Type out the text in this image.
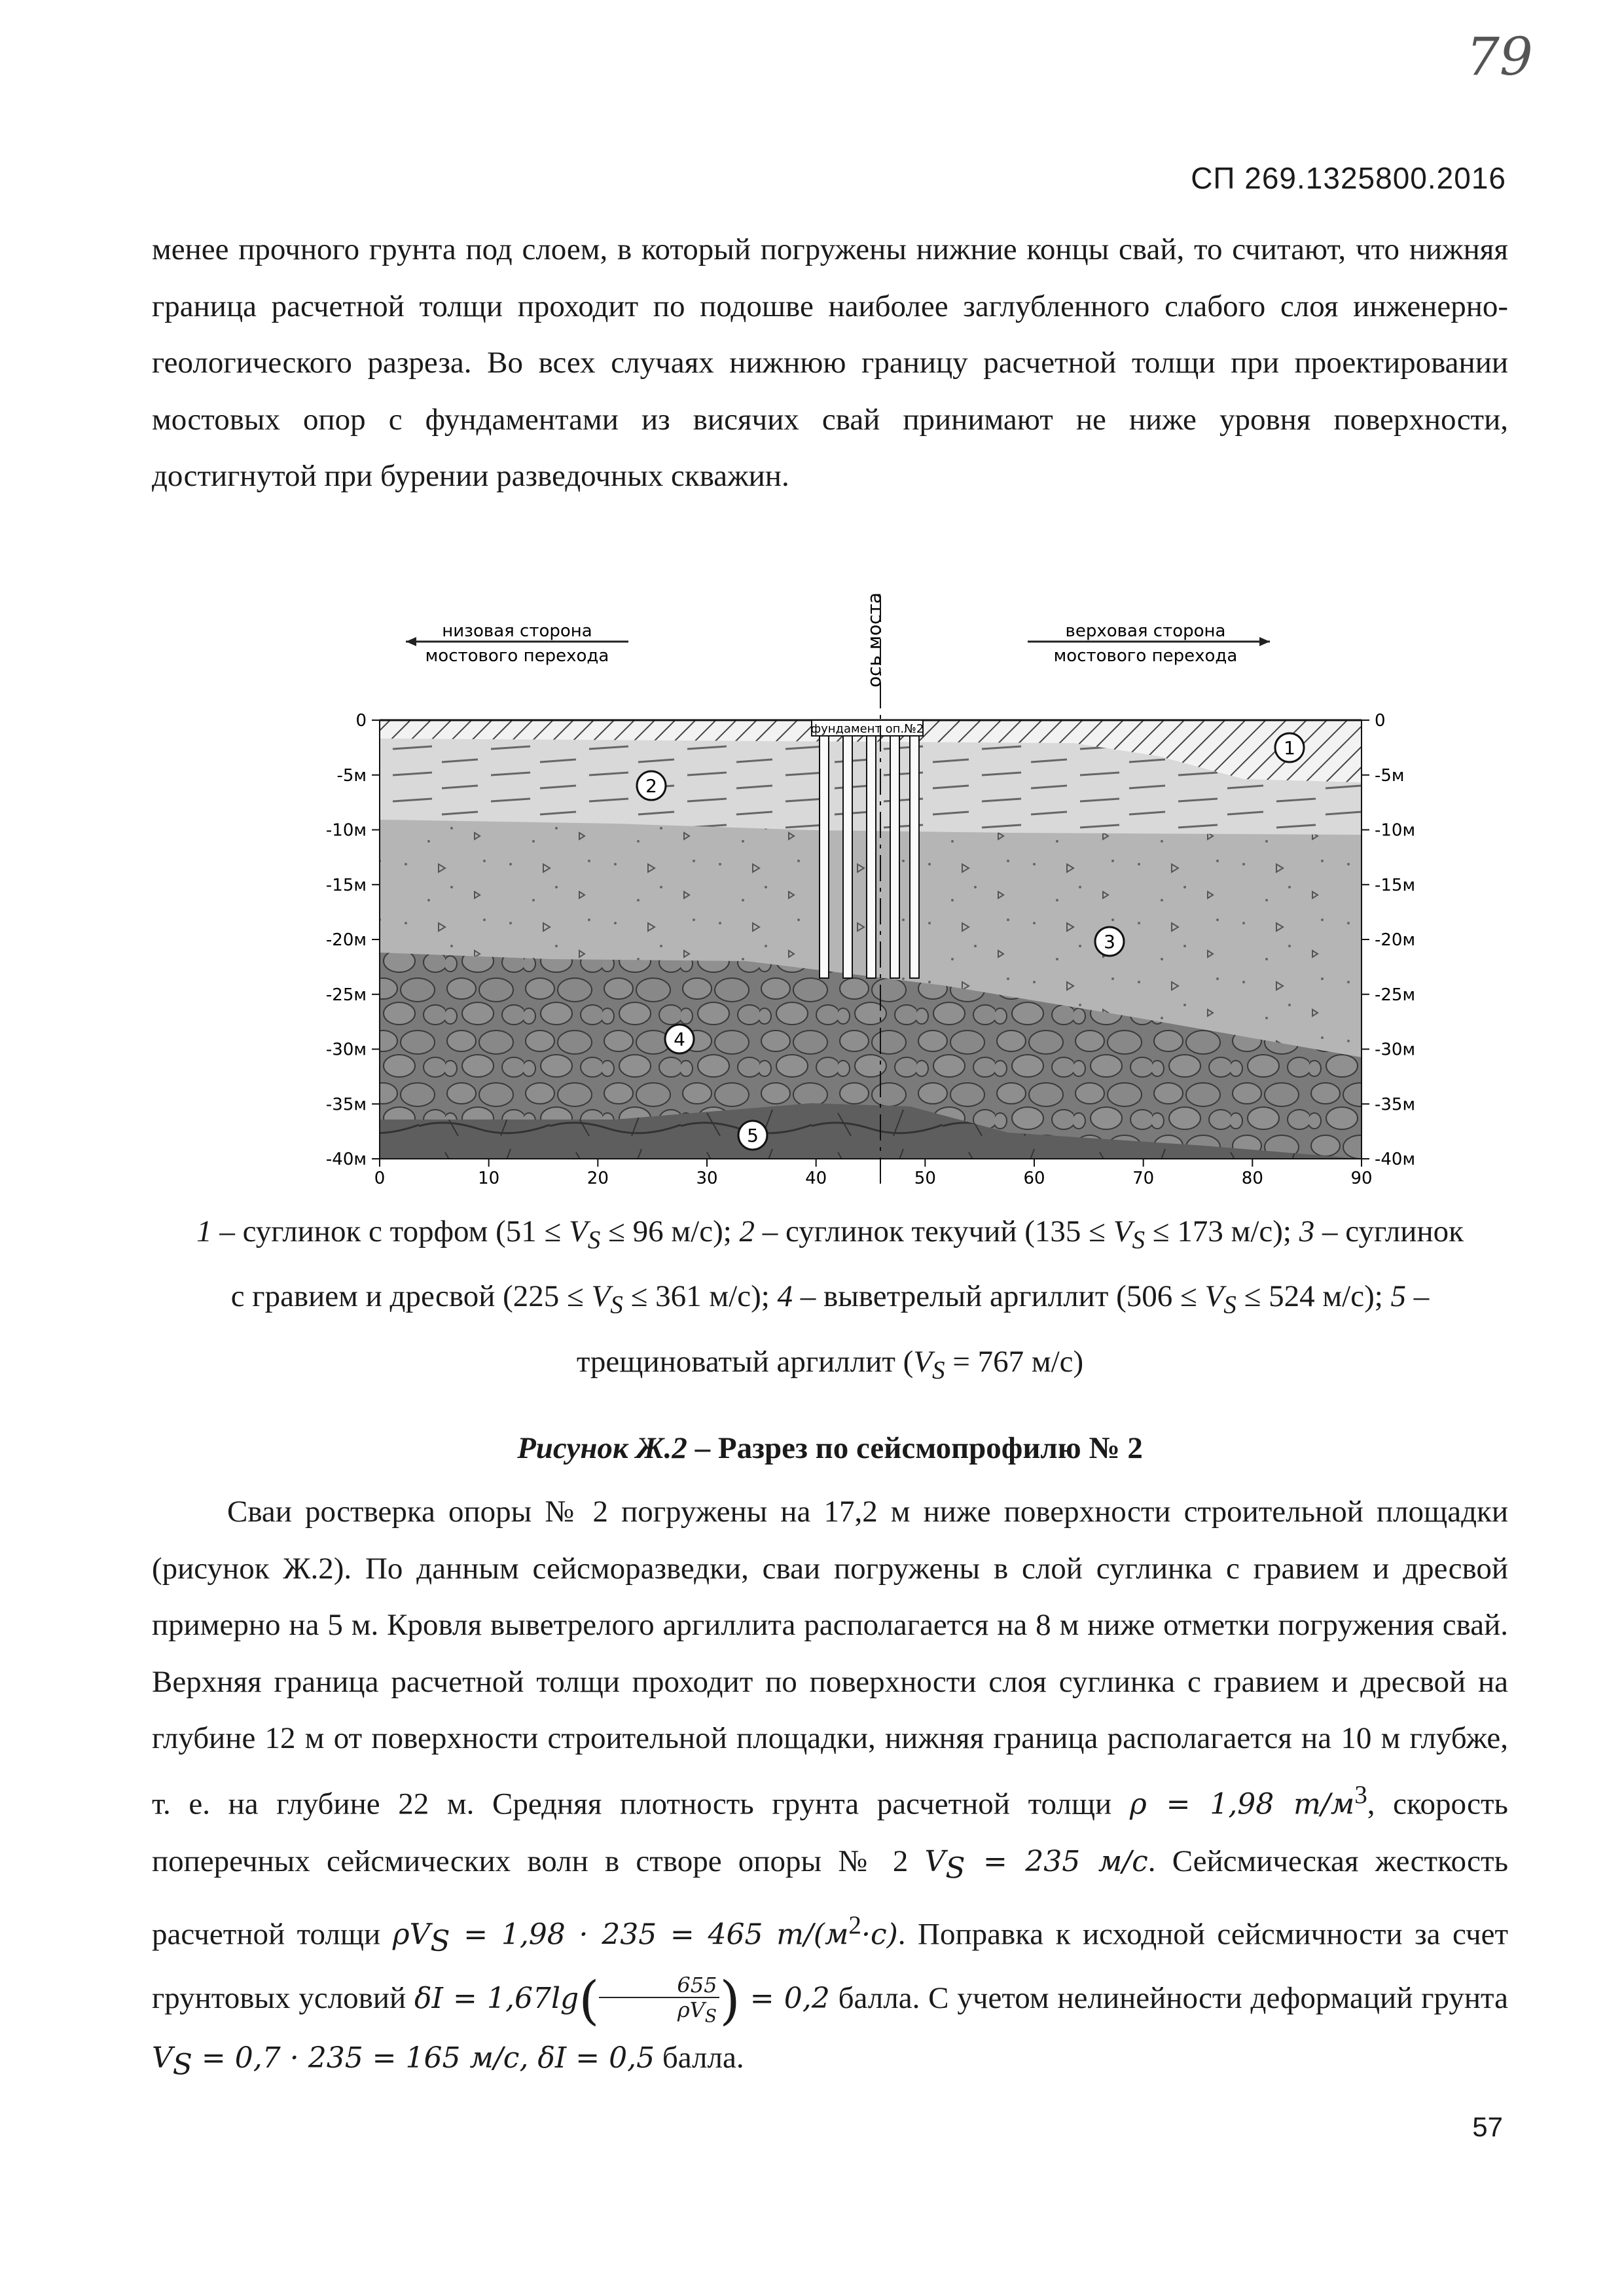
79
СП 269.1325800.2016

менее прочного грунта под слоем, в который погружены нижние концы свай, то считают, что нижняя граница расчетной толщи проходит по подошве наиболее заглубленного слабого слоя инженерно-геологического разреза. Во всех случаях нижнюю границу расчетной толщи при проектировании мостовых опор с фундаментами из висячих свай принимают не ниже уровня поверхности, достигнутой при бурении разведочных скважин.

низовая сторона
мостового перехода
верховая сторона
мостового перехода
ось моста
фундамент оп.№2
1
2
3
4
5
0
-5м
-10м
-15м
-20м
-25м
-30м
-35м
-40м
0
-5м
-10м
-15м
-20м
-25м
-30м
-35м
-40м
0	10	20	30	40	50	60	70	80	90
1 – суглинок с торфом ($51 \le V_S \le 96$ м/с); 2 – суглинок текучий ($135 \le V_S \le 173$ м/с); 3 – суглинок
с гравием и дресвой ($225 \le V_S \le 361$ м/с); 4 – выветрелый аргиллит ($506 \le V_S \le 524$ м/с); 5 –
трещиноватый аргиллит ($V_S = 767$ м/с)
Рисунок Ж.2 – Разрез по сейсмопрофилю № 2

Сваи ростверка опоры № 2 погружены на 17,2 м ниже поверхности строительной площадки (рисунок Ж.2). По данным сейсморазведки, сваи погружены в слой суглинка с гравием и дресвой примерно на 5 м. Кровля выветрелого аргиллита располагается на 8 м ниже отметки погружения свай. Верхняя граница расчетной толщи проходит по поверхности слоя суглинка с гравием и дресвой на глубине 12 м от поверхности строительной площадки, нижняя граница располагается на 10 м глубже, т. е. на глубине 22 м. Средняя плотность грунта расчетной толщи ρ = 1,98 $т/м^3$, скорость поперечных сейсмических волн в створе опоры № 2 $V_S = 235$ м/с. Сейсмическая жесткость расчетной толщи $\rho V_S = 1,98 \cdot 235 = 465$ $т/(м^2\cdot с)$. Поправка к исходной сейсмичности за счет грунтовых условий $\delta I = 1,67\lg( \frac{655}{\rho V_S}$ ) = 0,2 балла. С учетом нелинейности деформаций грунта $V_S = 0,7 \cdot 235 = 165$ м/с, δI = 0,5 балла.

57
